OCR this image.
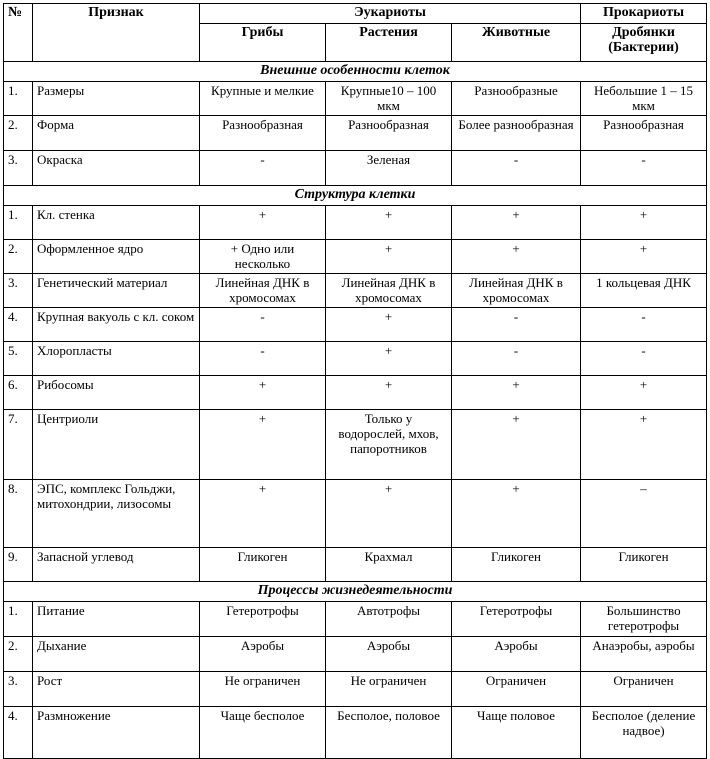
№	Признак	Эукариоты			Прокариоты
		Грибы	Растения	Животные	Дробянки (Бактерии)
Внешние особенности клеток					
1.	Размеры	Крупные и мелкие	Крупные10 – 100 мкм	Разнообразные	Небольшие 1 – 15 мкм
2.	Форма	Разнообразная	Разнообразная	Более разнообразная	Разнообразная
3.	Окраска	-	Зеленая	-	-
Структура клетки					
1.	Кл. стенка	+	+	+	+
2.	Оформленное ядро	+ Одно или несколько	+	+	+
3.	Генетический материал	Линейная ДНК в хромосомах	Линейная ДНК в хромосомах	Линейная ДНК в хромосомах	1 кольцевая ДНК
4.	Крупная вакуоль с кл. соком	-	+	-	-
5.	Хлоропласты	-	+	-	-
6.	Рибосомы	+	+	+	+
7.	Центриоли	+	Только у водорослей, мхов, папоротников	+	+
8.	ЭПС, комплекс Гольджи, митохондрии, лизосомы	+	+	+	–
9.	Запасной углевод	Гликоген	Крахмал	Гликоген	Гликоген
Процессы жизнедеятельности					
1.	Питание	Гетеротрофы	Автотрофы	Гетеротрофы	Большинство гетеротрофы
2.	Дыхание	Аэробы	Аэробы	Аэробы	Анаэробы, аэробы
3.	Рост	Не ограничен	Не ограничен	Ограничен	Ограничен
4.	Размножение	Чаще бесполое	Бесполое, половое	Чаще половое	Бесполое (деление надвое)
